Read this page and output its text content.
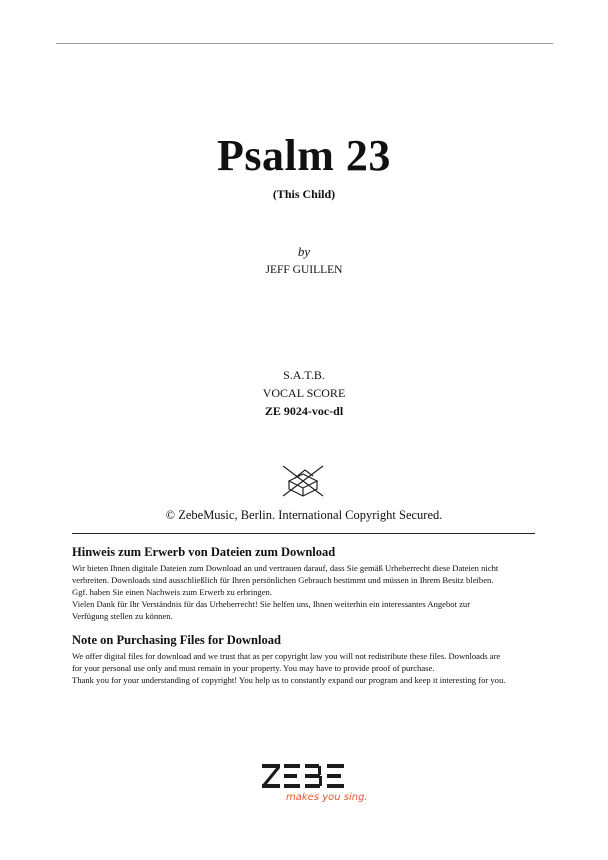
Psalm 23
(This Child)
by
JEFF GUILLEN
S.A.T.B.
VOCAL SCORE
ZE 9024-voc-dl
© ZebeMusic, Berlin. International Copyright Secured.
Hinweis zum Erwerb von Dateien zum Download

Wir bieten Ihnen digitale Dateien zum Download an und vertrauen darauf, dass Sie gemäß Urheberrecht diese Dateien nicht

verbreiten. Downloads sind ausschließlich für Ihren persönlichen Gebrauch bestimmt und müssen in Ihrem Besitz bleiben.

Ggf. haben Sie einen Nachweis zum Erwerb zu erbringen.

Vielen Dank für Ihr Verständnis für das Urheberrecht! Sie helfen uns, Ihnen weiterhin ein interessantes Angebot zur

Verfügung stellen zu können.

Note on Purchasing Files for Download

We offer digital files for download and we trust that as per copyright law you will not redistribute these files. Downloads are

for your personal use only and must remain in your property. You may have to provide proof of purchase.

Thank you for your understanding of copyright! You help us to constantly expand our program and keep it interesting for you.

makes you sing.
